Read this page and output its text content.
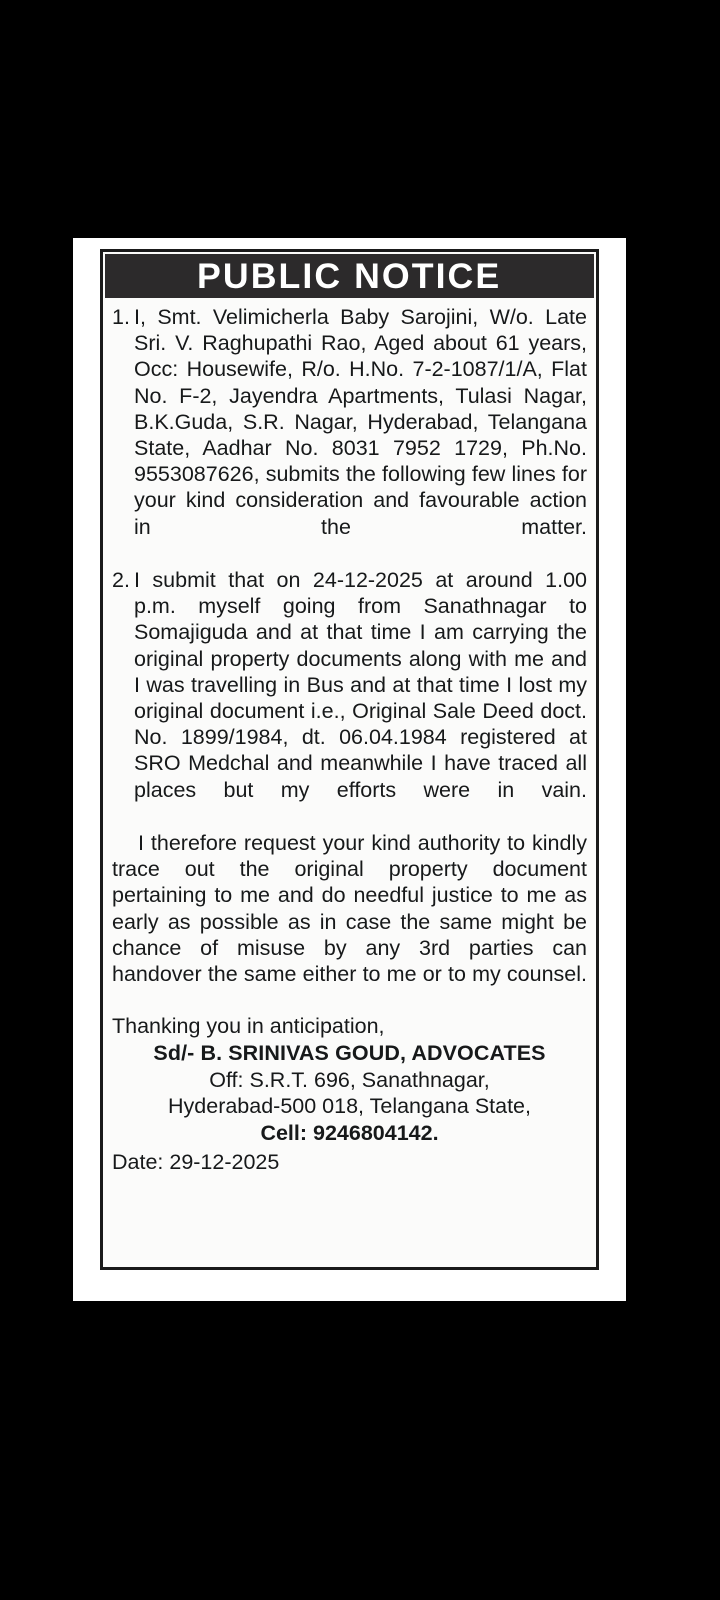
PUBLIC NOTICE
1. I, Smt. Velimicherla Baby Sarojini, W/o. Late Sri. V. Raghupathi Rao, Aged about 61 years, Occ: Housewife, R/o. H.No. 7-2-1087/1/A, Flat No. F-2, Jayendra Apartments, Tulasi Nagar, B.K.Guda, S.R. Nagar, Hyderabad, Telangana State, Aadhar No. 8031 7952 1729, Ph.No. 9553087626, submits the following few lines for your kind consideration and favourable action in the matter.
2. I submit that on 24-12-2025 at around 1.00 p.m. myself going from Sanathnagar to Somajiguda and at that time I am carrying the original property documents along with me and I was travelling in Bus and at that time I lost my original document i.e., Original Sale Deed doct. No. 1899/1984, dt. 06.04.1984 registered at SRO Medchal and meanwhile I have traced all places but my efforts were in vain.

I therefore request your kind authority to kindly trace out the original property document pertaining to me and do needful justice to me as early as possible as in case the same might be chance of misuse by any 3rd parties can handover the same either to me or to my counsel.

Thanking you in anticipation,

Sd/- B. SRINIVAS GOUD, ADVOCATES

Off: S.R.T. 696, Sanathnagar,

Hyderabad-500 018, Telangana State,

Cell: 9246804142.

Date: 29-12-2025
